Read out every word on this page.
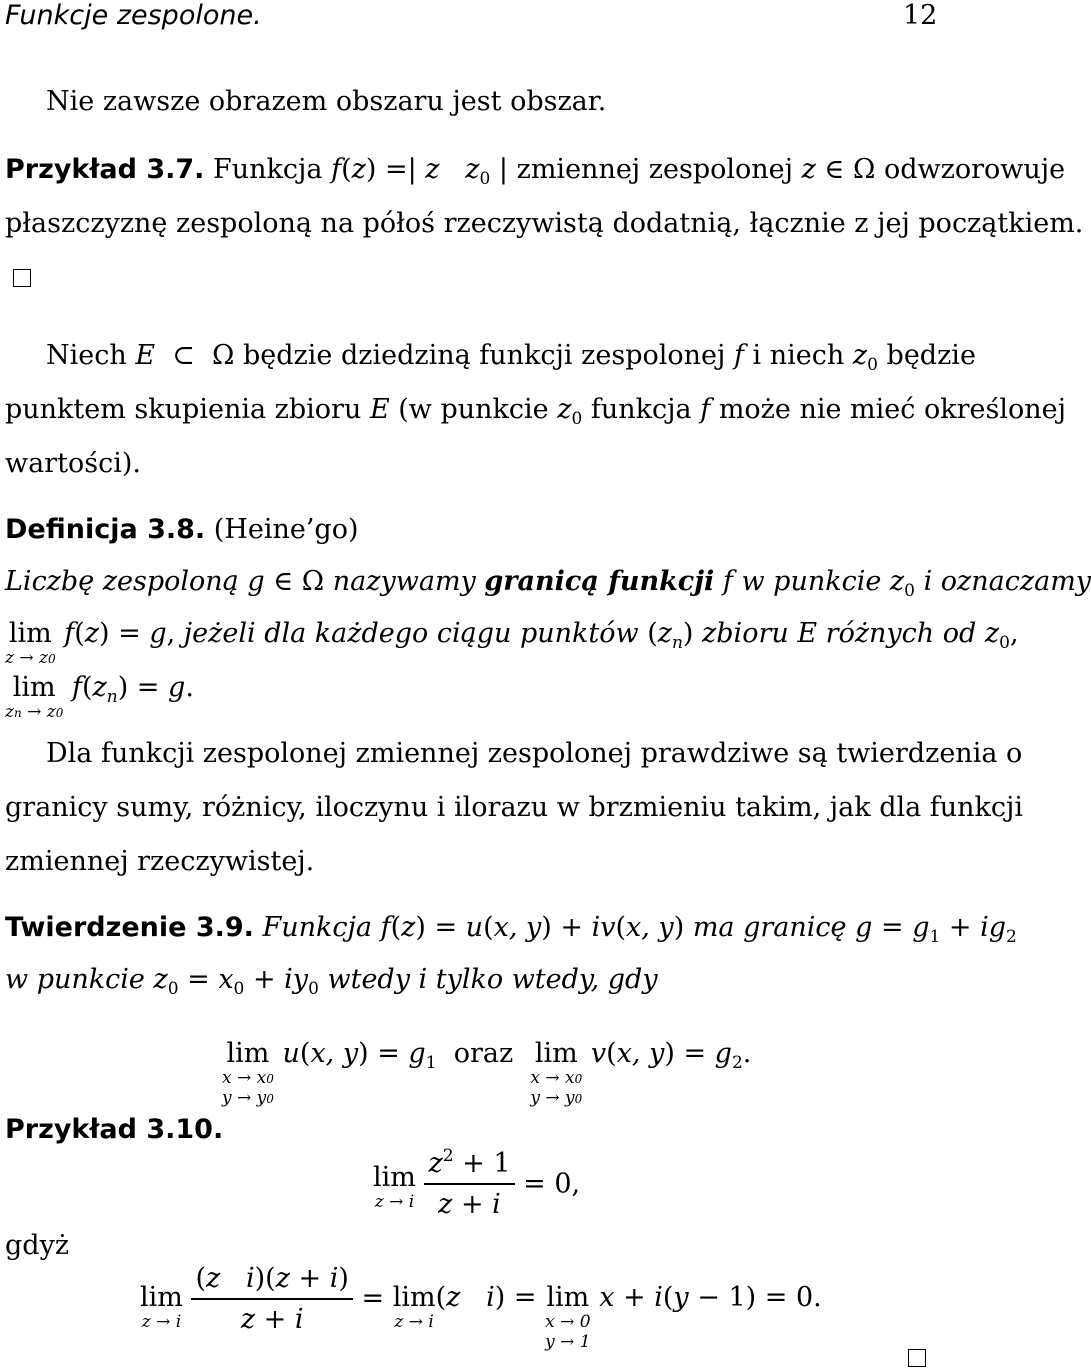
Funkcje zespolone.	12
Nie zawsze obrazem obszaru jest obszar.
Przykład 3.7. Funkcja f(z) =| z $z_0$ | zmiennej zespolonej z ∈ Ω odwzorowuje
płaszczyznę zespoloną na półoś rzeczywistą dodatnią, łącznie z jej początkiem.
Niech E  ⊂  Ω będzie dziedziną funkcji zespolonej f i niech $z_0$ będzie
punktem skupienia zbioru E (w punkcie $z_0$ funkcja f może nie mieć określonej
wartości).
Definicja 3.8. (Heine’go)
Liczbę zespoloną g ∈ Ω nazywamy granicą funkcji f w punkcie $z_0$ i oznaczamy
lim
z → z0
f(z) = g, jeżeli dla każdego ciągu punktów $(z_n)$ zbioru E różnych od $z_0$,
lim
zn → z0
$f(z_n) = g$.
Dla funkcji zespolonej zmiennej zespolonej prawdziwe są twierdzenia o
granicy sumy, różnicy, iloczynu i ilorazu w brzmieniu takim, jak dla funkcji
zmiennej rzeczywistej.
Twierdzenie 3.9. Funkcja f(z) = u(x, y) + iv(x, y) ma granicę $g = g_1 + ig_2$
w punkcie $z_0 = x_0 + iy_0$ wtedy i tylko wtedy, gdy
lim
x → x0
y → y0
u(x, $y) = g_1$ oraz lim
x → x0
y → y0
v(x, $y) = g_2$.
Przykład 3.10.
lim
z → i
$\frac{z^2 + 1}{z + i} = 0$,
gdyż
lim
z → i
$\frac{\text{(z   i)(z + i)}}{z + i} = \lim$
z → i
(z i) = lim
x → 0
y → 1
x + i(y − 1) = 0.
